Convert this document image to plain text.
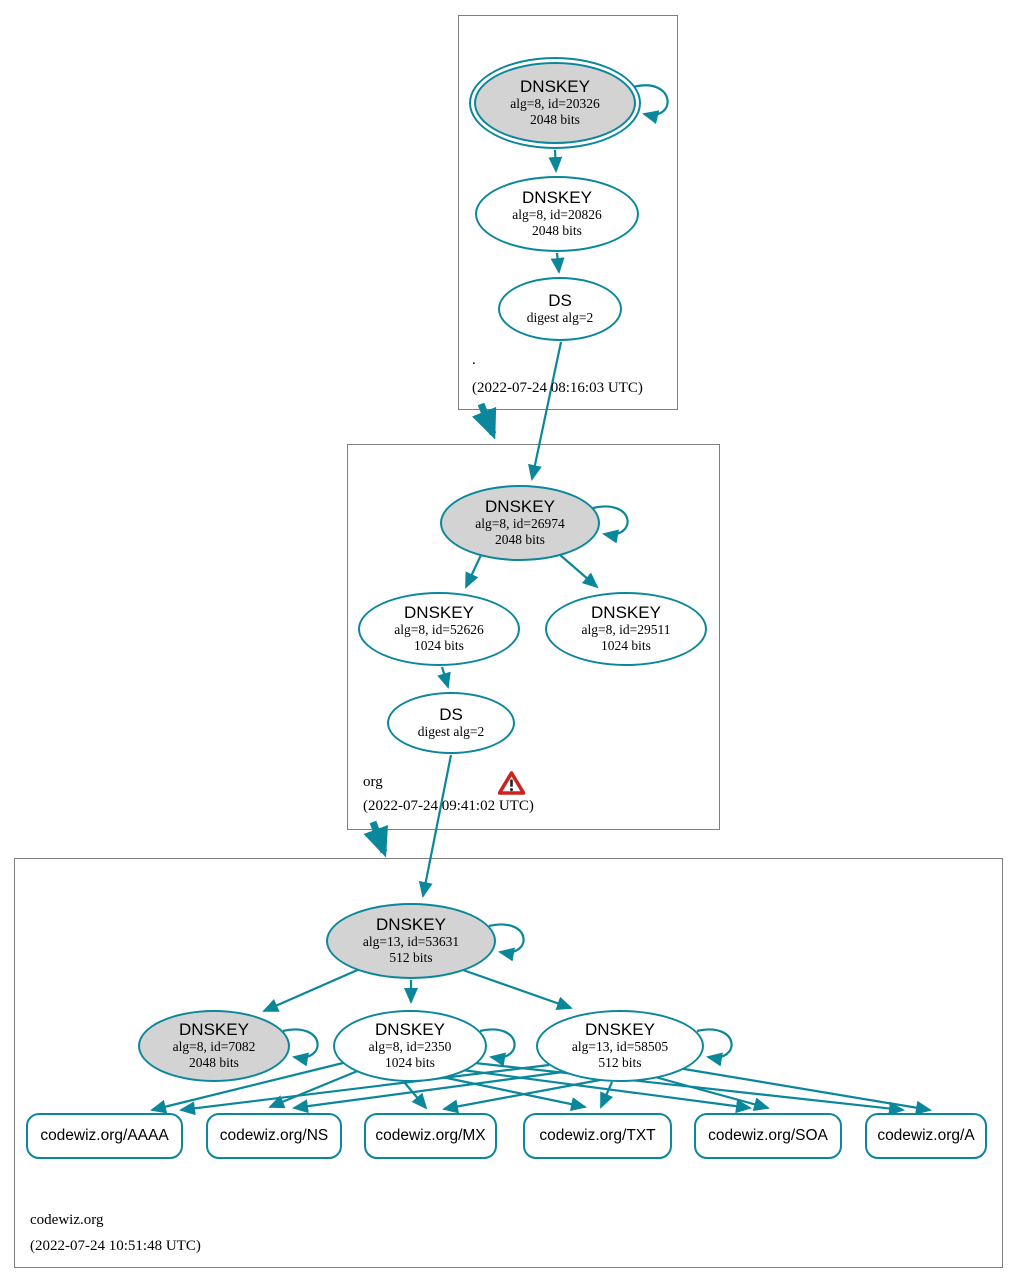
DNSKEY
alg=8, id=20326
2048 bits
DNSKEY
alg=8, id=20826
2048 bits
DS
digest alg=2
.
(2022-07-24 08:16:03 UTC)
DNSKEY
alg=8, id=26974
2048 bits
DNSKEY
alg=8, id=52626
1024 bits
DNSKEY
alg=8, id=29511
1024 bits
DS
digest alg=2
org
(2022-07-24 09:41:02 UTC)
DNSKEY
alg=13, id=53631
512 bits
DNSKEY
alg=8, id=7082
2048 bits
DNSKEY
alg=8, id=2350
1024 bits
DNSKEY
alg=13, id=58505
512 bits
codewiz.org/AAAA	codewiz.org/NS	codewiz.org/MX	codewiz.org/TXT	codewiz.org/SOA	codewiz.org/A
codewiz.org
(2022-07-24 10:51:48 UTC)
